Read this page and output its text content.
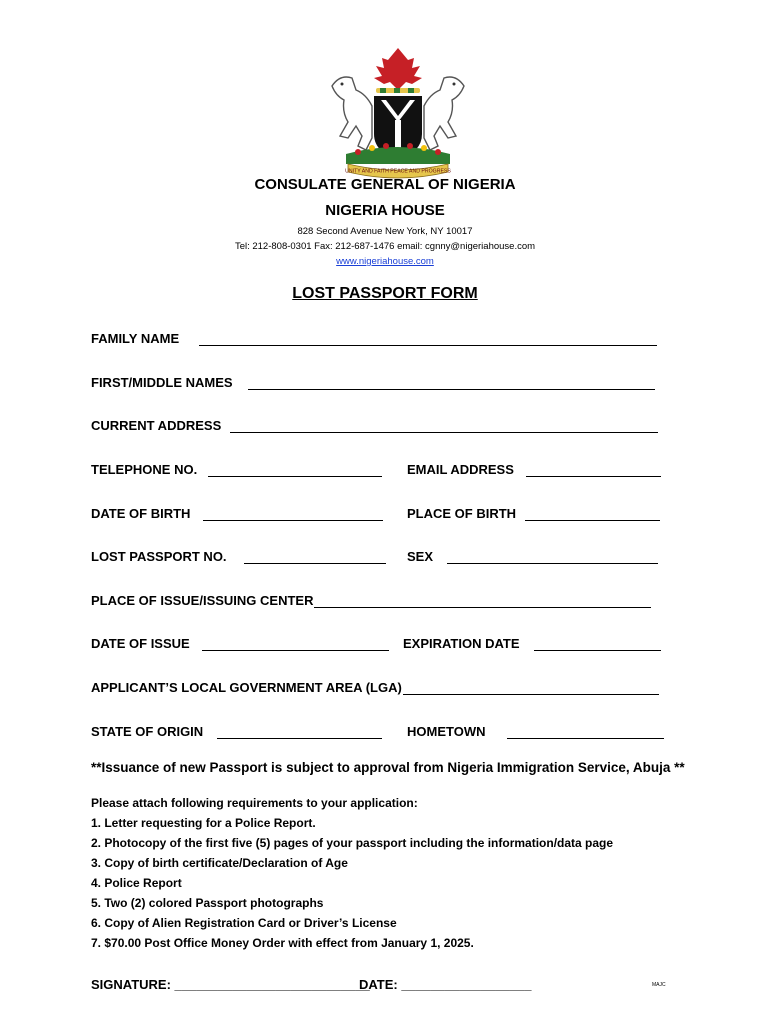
UNITY AND FAITH PEACE AND PROGRESS
CONSULATE GENERAL OF NIGERIA
NIGERIA HOUSE
828 Second Avenue New York, NY 10017
Tel: 212-808-0301 Fax: 212-687-1476 email: cgnny@nigeriahouse.com
www.nigeriahouse.com
LOST PASSPORT FORM
FAMILY NAME
FIRST/MIDDLE NAMES
CURRENT ADDRESS
TELEPHONE NO.	EMAIL ADDRESS
DATE OF BIRTH	PLACE OF BIRTH
LOST PASSPORT NO.	SEX
PLACE OF ISSUE/ISSUING CENTER
DATE OF ISSUE	EXPIRATION DATE
APPLICANT’S LOCAL GOVERNMENT AREA (LGA)
STATE OF ORIGIN	HOMETOWN
**Issuance of new Passport is subject to approval from Nigeria Immigration Service, Abuja **
Please attach following requirements to your application:
1. Letter requesting for a Police Report.
2. Photocopy of the first five (5) pages of your passport including the information/data page
3. Copy of birth certificate/Declaration of Age
4. Police Report
5. Two (2) colored Passport photographs
6. Copy of Alien Registration Card or Driver’s License
7. $70.00 Post Office Money Order with effect from January 1, 2025.
SIGNATURE: ___________________________
DATE: __________________	MAJC
